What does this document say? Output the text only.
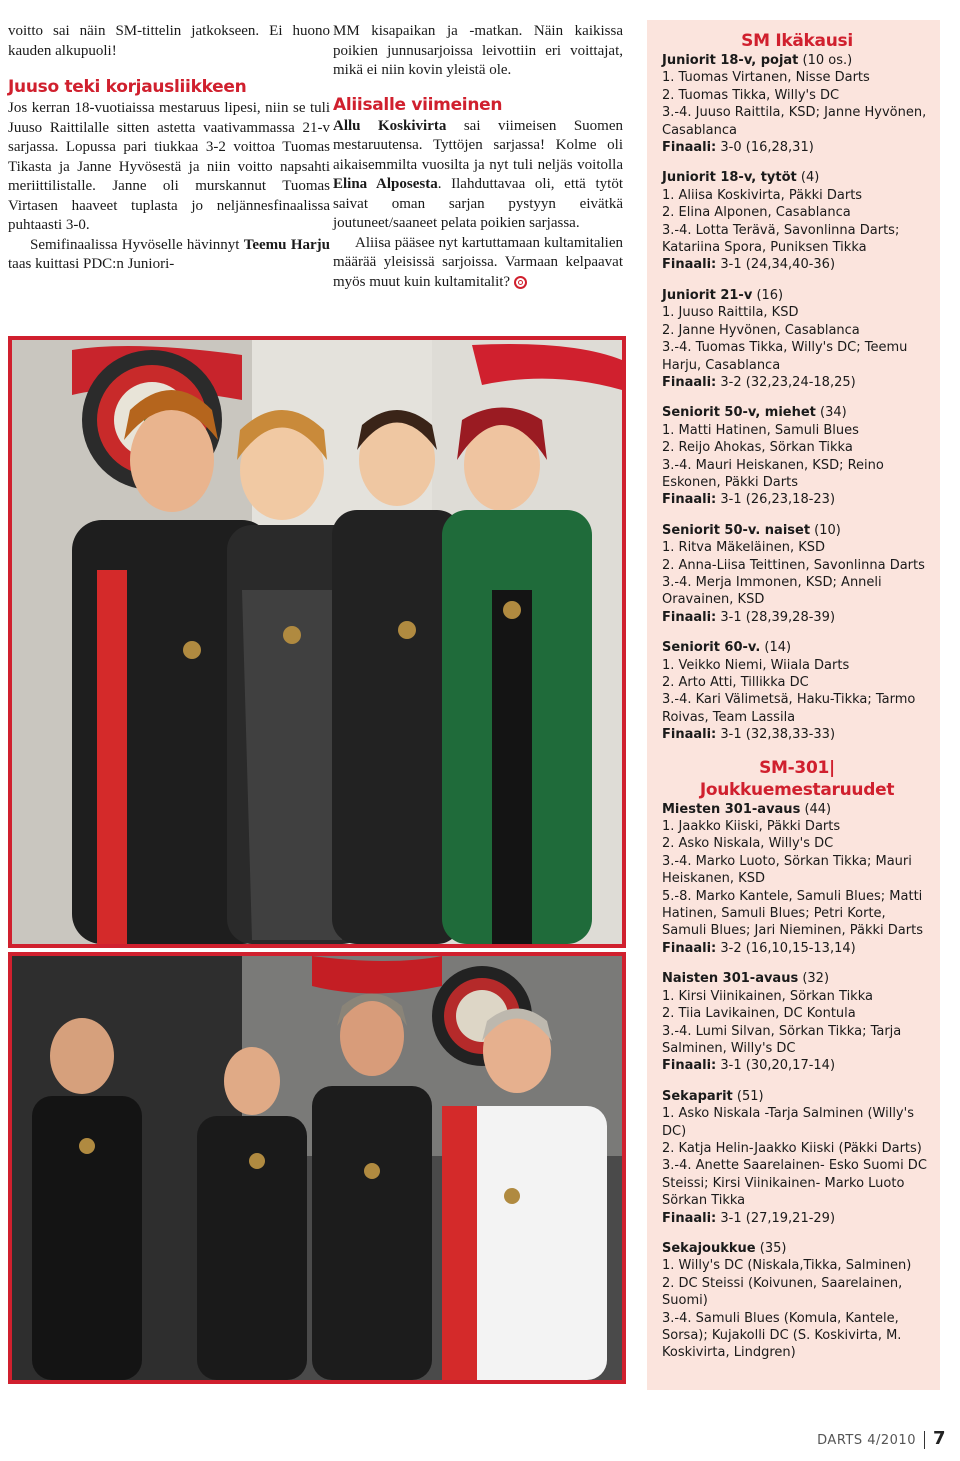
voitto sai näin SM-tittelin jatkokseen. Ei huono kauden alkupuoli!

Juuso teki korjausliikkeen

Jos kerran 18-vuotiaissa mestaruus lipesi, niin se tuli Juuso Raittilalle sitten astetta vaativammassa 21-v sarjassa. Lopussa pari tiukkaa 3-2 voittoa Tuomas Tikasta ja Janne Hyvösestä ja niin voitto napsahti meriittilistalle. Janne oli murskannut Tuomas Virtasen haaveet tuplasta jo neljännesfinaalissa puhtaasti 3-0.

Semifinaalissa Hyvöselle hävinnyt Teemu Harju taas kuittasi PDC:n Juniori-

MM kisapaikan ja -matkan. Näin kaikissa poikien junnusarjoissa leivottiin eri voittajat, mikä ei niin kovin yleistä ole.

Aliisalle viimeinen

Allu Koskivirta sai viimeisen Suomen mestaruutensa. Tyttöjen sarjassa! Kolme oli aikaisemmilta vuosilta ja nyt tuli neljäs voitolla Elina Alposesta. Ilahduttavaa oli, että tytöt saivat oman sarjan pystyyn eivätkä joutuneet/saaneet pelata poikien sarjassa.

Aliisa pääsee nyt kartuttamaan kultamitalien määrää yleisissä sarjoissa. Varmaan kelpaavat myös muut kuin kultamitalit?

SM Ikäkausi
Juniorit 18-v, pojat (10 os.)
1. Tuomas Virtanen, Nisse Darts
2. Tuomas Tikka, Willy's DC
3.-4. Juuso Raittila, KSD; Janne Hyvönen, Casablanca
Finaali: 3-0 (16,28,31)
Juniorit 18-v, tytöt (4)
1. Aliisa Koskivirta, Päkki Darts
2. Elina Alponen, Casablanca
3.-4. Lotta Terävä, Savonlinna Darts; Katariina Spora, Puniksen Tikka
Finaali: 3-1 (24,34,40-36)
Juniorit 21-v (16)
1. Juuso Raittila, KSD
2. Janne Hyvönen, Casablanca
3.-4. Tuomas Tikka, Willy's DC; Teemu Harju, Casablanca
Finaali: 3-2 (32,23,24-18,25)
Seniorit 50-v, miehet (34)
1. Matti Hatinen, Samuli Blues
2. Reijo Ahokas, Sörkan Tikka
3.-4. Mauri Heiskanen, KSD; Reino Eskonen, Päkki Darts
Finaali: 3-1 (26,23,18-23)
Seniorit 50-v. naiset (10)
1. Ritva Mäkeläinen, KSD
2. Anna-Liisa Teittinen, Savonlinna Darts
3.-4. Merja Immonen, KSD; Anneli Oravainen, KSD
Finaali: 3-1 (28,39,28-39)
Seniorit 60-v. (14)
1. Veikko Niemi, Wiiala Darts
2. Arto Atti, Tillikka DC
3.-4. Kari Välimetsä, Haku-Tikka; Tarmo Roivas, Team Lassila
Finaali: 3-1 (32,38,33-33)
SM-301| Joukkuemestaruudet
Miesten 301-avaus (44)
1. Jaakko Kiiski, Päkki Darts
2. Asko Niskala, Willy's DC
3.-4. Marko Luoto, Sörkan Tikka; Mauri Heiskanen, KSD
5.-8. Marko Kantele, Samuli Blues; Matti Hatinen, Samuli Blues; Petri Korte, Samuli Blues; Jari Nieminen, Päkki Darts
Finaali: 3-2 (16,10,15-13,14)
Naisten 301-avaus (32)
1. Kirsi Viinikainen, Sörkan Tikka
2. Tiia Lavikainen, DC Kontula
3.-4. Lumi Silvan, Sörkan Tikka; Tarja Salminen, Willy's DC
Finaali: 3-1 (30,20,17-14)
Sekaparit (51)
1. Asko Niskala -Tarja Salminen (Willy's DC)
2. Katja Helin-Jaakko Kiiski (Päkki Darts)
3.-4. Anette Saarelainen- Esko Suomi DC Steissi; Kirsi Viinikainen- Marko Luoto Sörkan Tikka
Finaali: 3-1 (27,19,21-29)
Sekajoukkue (35)
1. Willy's DC (Niskala,Tikka, Salminen)
2. DC Steissi (Koivunen, Saarelainen, Suomi)
3.-4. Samuli Blues (Komula, Kantele, Sorsa); Kujakolli DC (S. Koskivirta, M. Koskivirta, Lindgren)
DARTS 4/2010 7
